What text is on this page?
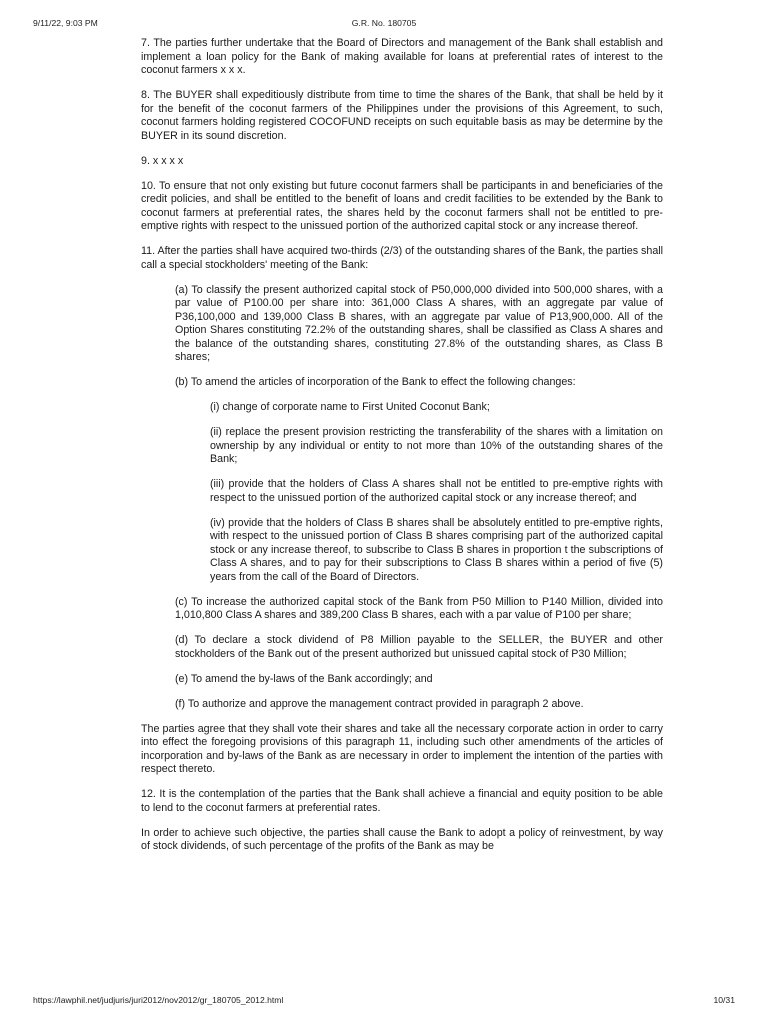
9/11/22, 9:03 PM	G.R. No. 180705

7. The parties further undertake that the Board of Directors and management of the Bank shall establish and implement a loan policy for the Bank of making available for loans at preferential rates of interest to the coconut farmers x x x.

8. The BUYER shall expeditiously distribute from time to time the shares of the Bank, that shall be held by it for the benefit of the coconut farmers of the Philippines under the provisions of this Agreement, to such, coconut farmers holding registered COCOFUND receipts on such equitable basis as may be determine by the BUYER in its sound discretion.

9. x x x x

10. To ensure that not only existing but future coconut farmers shall be participants in and beneficiaries of the credit policies, and shall be entitled to the benefit of loans and credit facilities to be extended by the Bank to coconut farmers at preferential rates, the shares held by the coconut farmers shall not be entitled to pre-emptive rights with respect to the unissued portion of the authorized capital stock or any increase thereof.

11. After the parties shall have acquired two-thirds (2/3) of the outstanding shares of the Bank, the parties shall call a special stockholders' meeting of the Bank:

(a) To classify the present authorized capital stock of P50,000,000 divided into 500,000 shares, with a par value of P100.00 per share into: 361,000 Class A shares, with an aggregate par value of P36,100,000 and 139,000 Class B shares, with an aggregate par value of P13,900,000. All of the Option Shares constituting 72.2% of the outstanding shares, shall be classified as Class A shares and the balance of the outstanding shares, constituting 27.8% of the outstanding shares, as Class B shares;

(b) To amend the articles of incorporation of the Bank to effect the following changes:

(i) change of corporate name to First United Coconut Bank;

(ii) replace the present provision restricting the transferability of the shares with a limitation on ownership by any individual or entity to not more than 10% of the outstanding shares of the Bank;

(iii) provide that the holders of Class A shares shall not be entitled to pre-emptive rights with respect to the unissued portion of the authorized capital stock or any increase thereof; and

(iv) provide that the holders of Class B shares shall be absolutely entitled to pre-emptive rights, with respect to the unissued portion of Class B shares comprising part of the authorized capital stock or any increase thereof, to subscribe to Class B shares in proportion t the subscriptions of Class A shares, and to pay for their subscriptions to Class B shares within a period of five (5) years from the call of the Board of Directors.

(c) To increase the authorized capital stock of the Bank from P50 Million to P140 Million, divided into 1,010,800 Class A shares and 389,200 Class B shares, each with a par value of P100 per share;

(d) To declare a stock dividend of P8 Million payable to the SELLER, the BUYER and other stockholders of the Bank out of the present authorized but unissued capital stock of P30 Million;

(e) To amend the by-laws of the Bank accordingly; and

(f) To authorize and approve the management contract provided in paragraph 2 above.

The parties agree that they shall vote their shares and take all the necessary corporate action in order to carry into effect the foregoing provisions of this paragraph 11, including such other amendments of the articles of incorporation and by-laws of the Bank as are necessary in order to implement the intention of the parties with respect thereto.

12. It is the contemplation of the parties that the Bank shall achieve a financial and equity position to be able to lend to the coconut farmers at preferential rates.

In order to achieve such objective, the parties shall cause the Bank to adopt a policy of reinvestment, by way of stock dividends, of such percentage of the profits of the Bank as may be

https://lawphil.net/judjuris/juri2012/nov2012/gr_180705_2012.html	10/31
